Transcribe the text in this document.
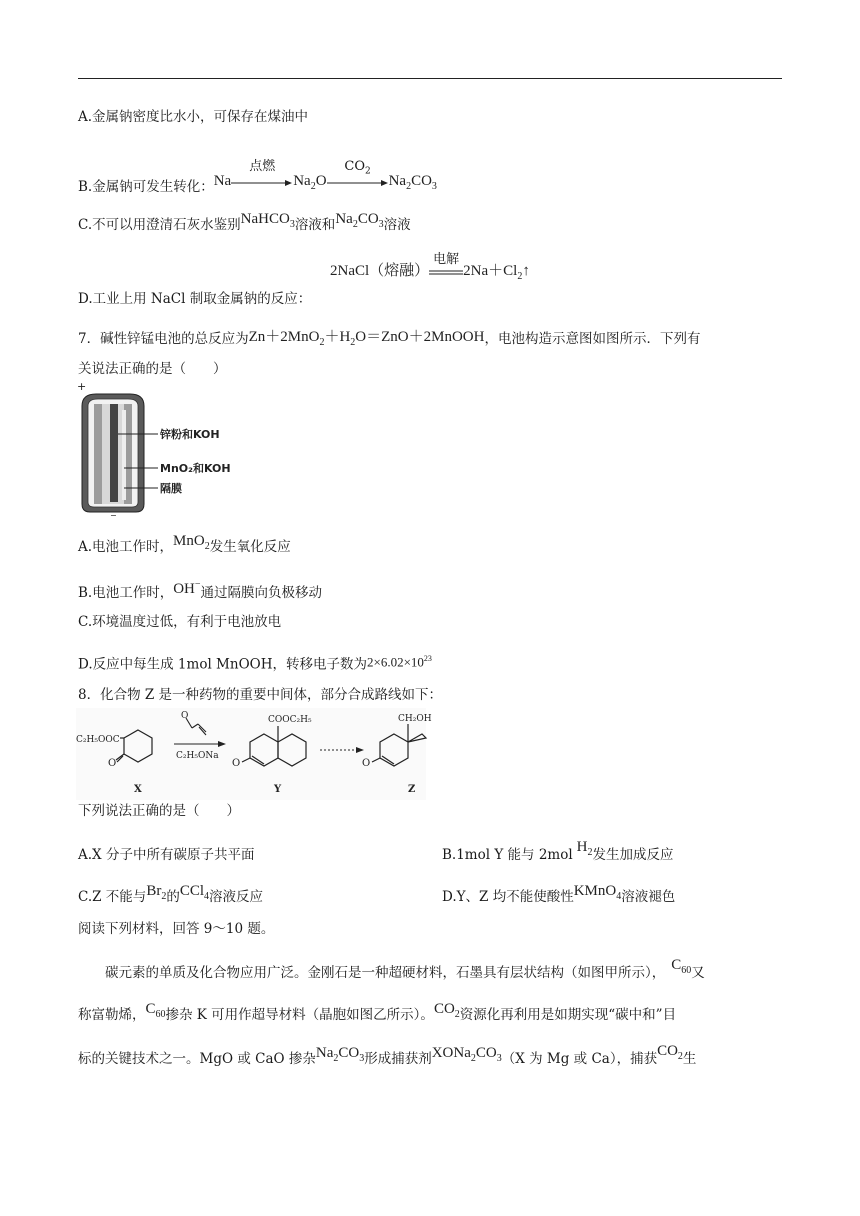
A.金属钠密度比水小，可保存在煤油中
B.金属钠可发生转化：Na
点燃
$Na_2O$
$CO_2$
$Na_2CO_3$
C.不可以用澄清石灰水鉴别NaHCO$_3$溶液和$Na_2CO_3$溶液
2NaCl（熔融）
电解
$2Na+Cl_2↑$
D.工业上用 NaCl 制取金属钠的反应：
7．碱性锌锰电池的总反应为$Zn+2MnO_2+H_2O=ZnO+2MnOOH$，电池构造示意图如图所示．下列有
关说法正确的是（　　）
+
锌粉和KOH
MnO₂和KOH
隔膜
−
A.电池工作时，MnO$_2$发生氧化反应
B.电池工作时，OH−通过隔膜向负极移动
C.环境温度过低，有利于电池放电
D.反应中每生成 1mol MnOOH，转移电子数为$2\times 6.02\times 10^{23}$
8．化合物 Z 是一种药物的重要中间体，部分合成路线如下：
C₂H₅OOC
O
X
O
C₂H₅ONa
COOC₂H₅
O
Y
CH₂OH
O
Z
下列说法正确的是（　　）
A.X 分子中所有碳原子共平面	B.1mol Y 能与 2mol $H_2$发生加成反应
C.Z 不能与$Br_2$的CCl$_4$溶液反应	D.Y、Z 均不能使酸性KMnO$_4$溶液褪色
阅读下列材料，回答 9～10 题。
碳元素的单质及化合物应用广泛。金刚石是一种超硬材料，石墨具有层状结构（如图甲所示）， $C_{60}$又
称富勒烯，$C_{60}$掺杂 K 可用作超导材料（晶胞如图乙所示）。$CO_2$资源化再利用是如期实现“碳中和”目
标的关键技术之一。MgO 或 CaO 掺杂$Na_2CO_3$形成捕获剂$XONa_2CO_3(X$ 为 Mg 或 Ca），捕获$CO_2$生
